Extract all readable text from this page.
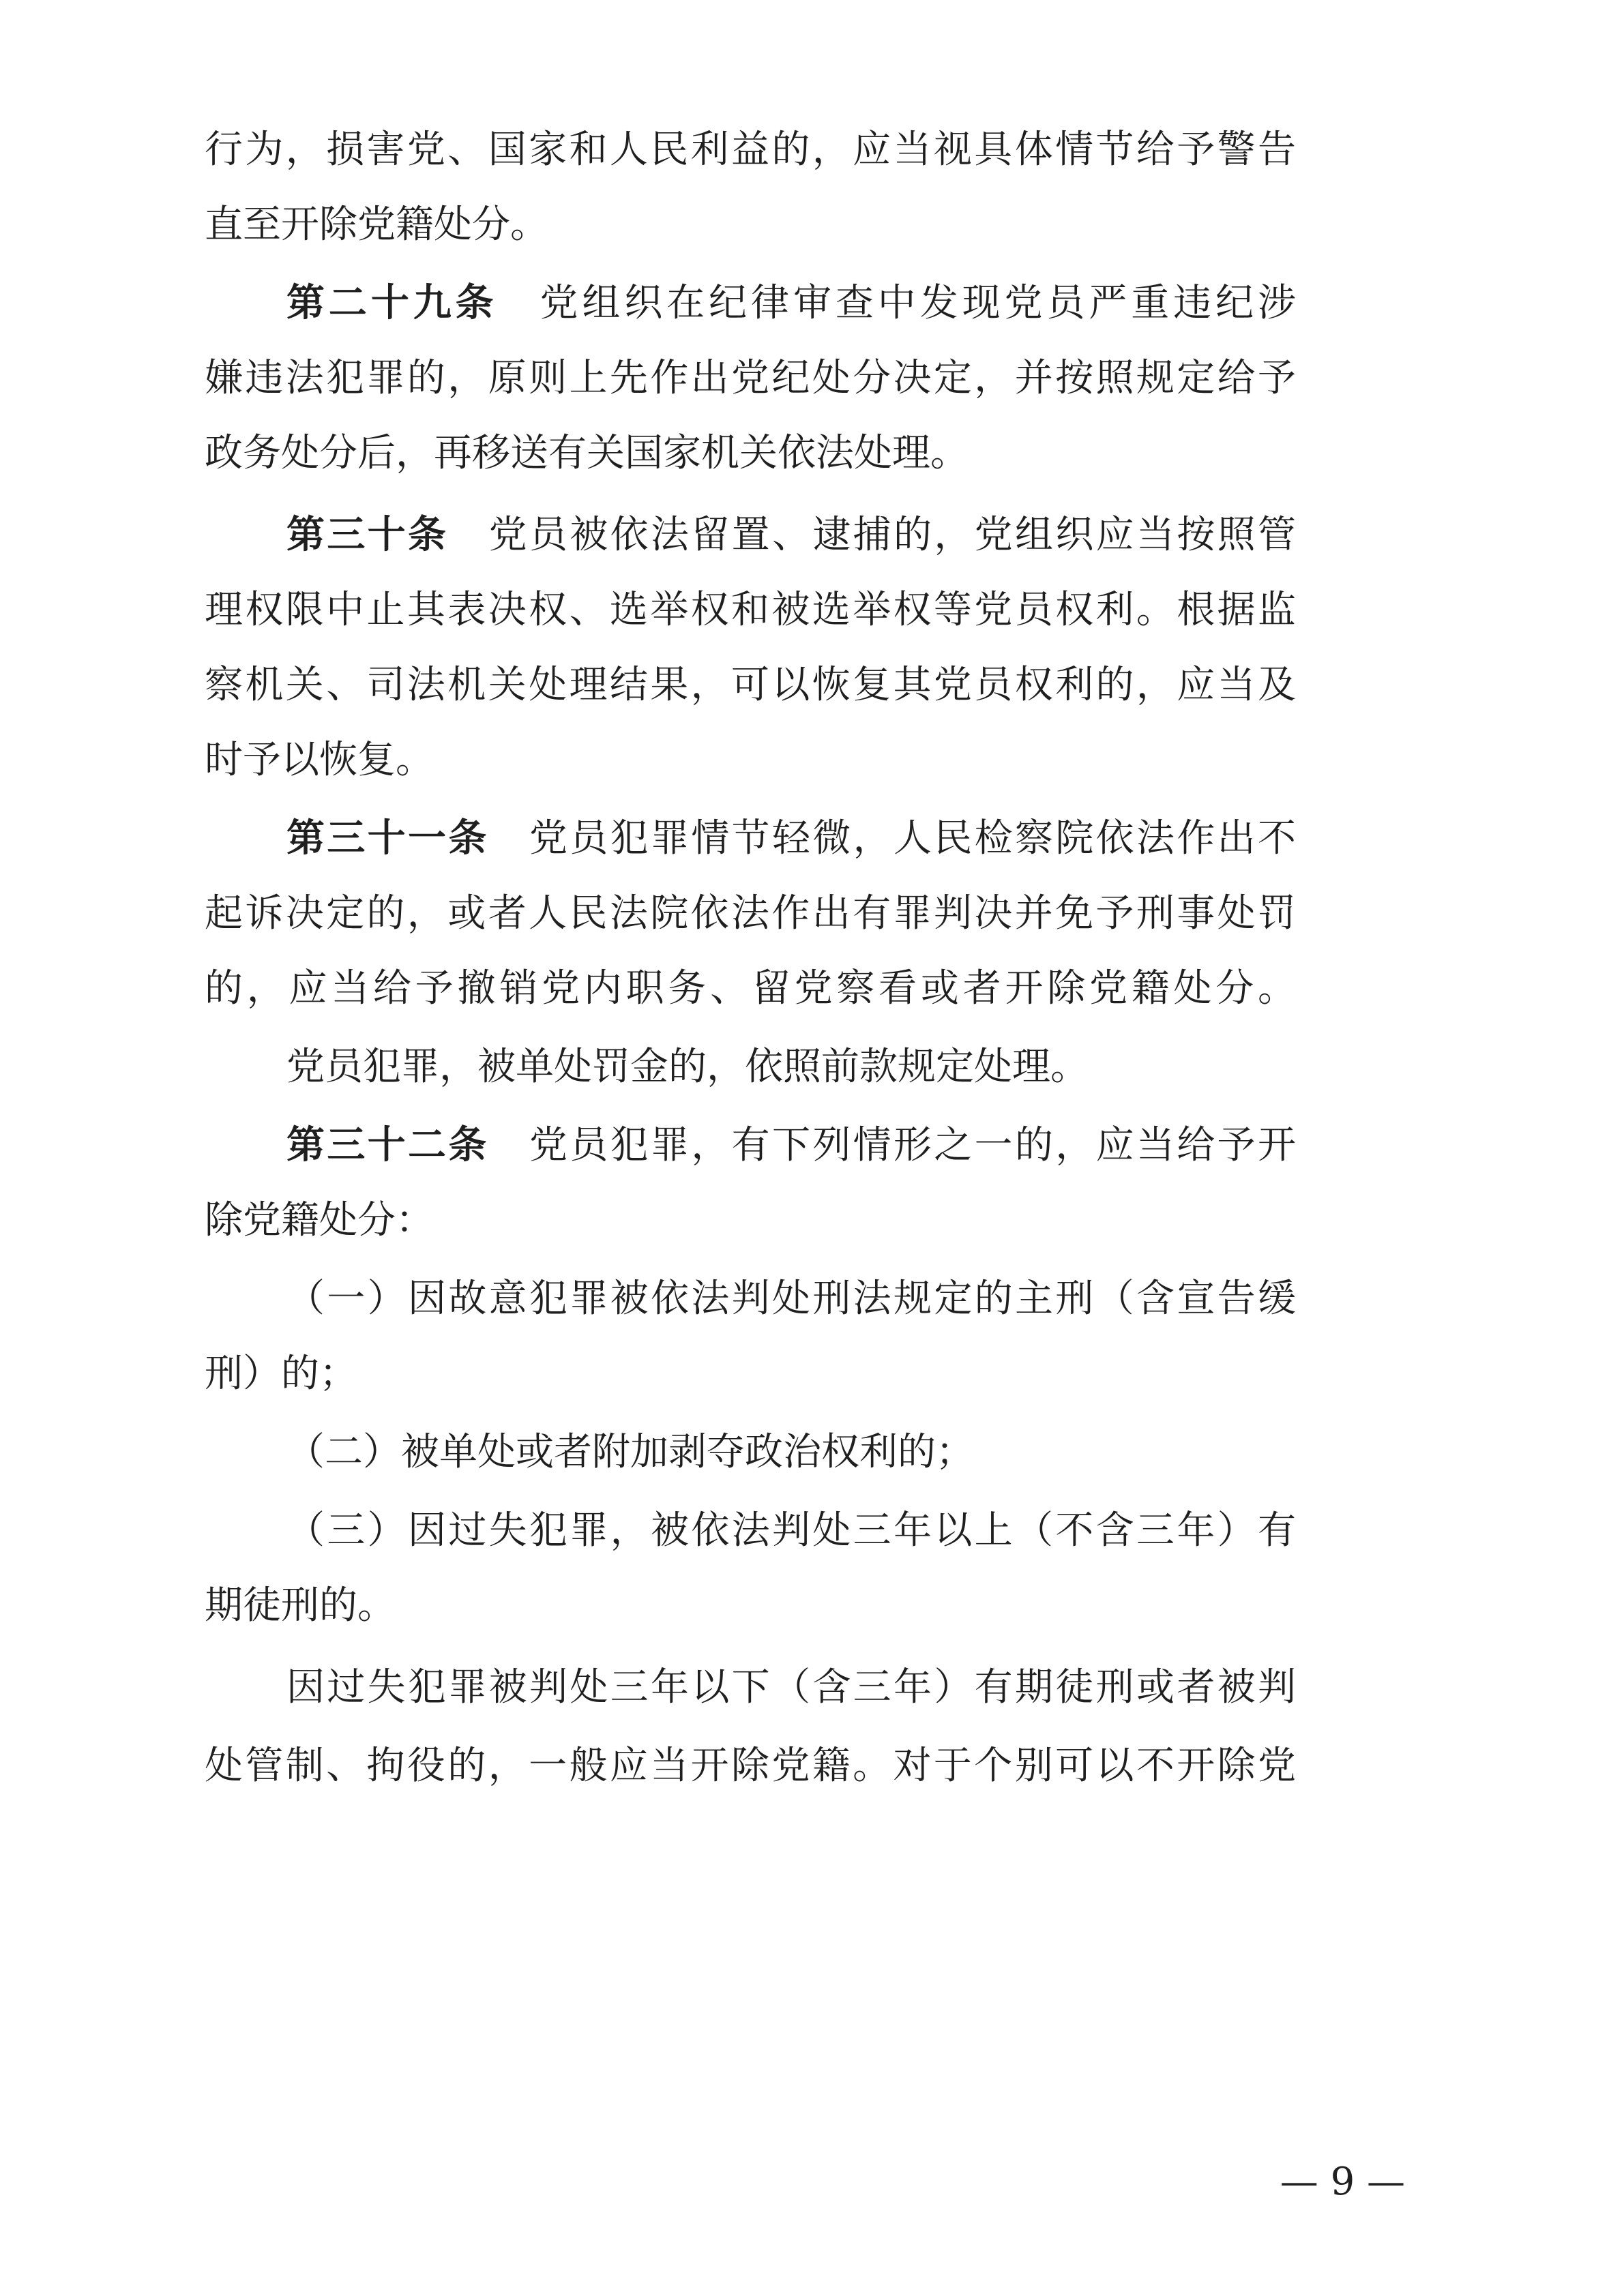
行为，损害党、国家和人民利益的，应当视具体情节给予警告
直至开除党籍处分。
第二十九条　党组织在纪律审查中发现党员严重违纪涉
嫌违法犯罪的，原则上先作出党纪处分决定，并按照规定给予
政务处分后，再移送有关国家机关依法处理。
第三十条　党员被依法留置、逮捕的，党组织应当按照管
理权限中止其表决权、选举权和被选举权等党员权利。根据监
察机关、司法机关处理结果，可以恢复其党员权利的，应当及
时予以恢复。
第三十一条　党员犯罪情节轻微，人民检察院依法作出不
起诉决定的，或者人民法院依法作出有罪判决并免予刑事处罚
的，应当给予撤销党内职务、留党察看或者开除党籍处分。
党员犯罪，被单处罚金的，依照前款规定处理。
第三十二条　党员犯罪，有下列情形之一的，应当给予开
除党籍处分：
（一）因故意犯罪被依法判处刑法规定的主刑（含宣告缓
刑）的；
（二）被单处或者附加剥夺政治权利的；
（三）因过失犯罪，被依法判处三年以上（不含三年）有
期徒刑的。
因过失犯罪被判处三年以下（含三年）有期徒刑或者被判
处管制、拘役的，一般应当开除党籍。对于个别可以不开除党
— 9 —
